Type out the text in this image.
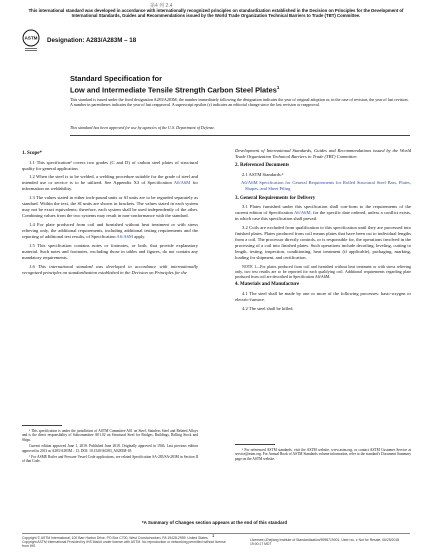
第4 列 2.4
This international standard was developed in accordance with internationally recognized principles on standardization established in the Decision on Principles for the Development of International Standards, Guides and Recommendations issued by the World Trade Organization Technical Barriers to Trade (TBT) Committee.
ASTM Designation: A283/A283M – 18
Standard Specification for
Low and Intermediate Tensile Strength Carbon Steel Plates$^1$
This standard is issued under the fixed designation A283/A283M; the number immediately following the designation indicates the year of original adoption or, in the case of revision, the year of last revision. A number in parentheses indicates the year of last reapproval. A superscript epsilon (ε) indicates an editorial change since the last revision or reapproval.
This standard has been approved for use by agencies of the U.S. Department of Defense.
1. Scope*

1.1 This specification² covers two grades (C and D) of carbon steel plates of structural quality for general application.

1.2 When the steel is to be welded, a welding procedure suitable for the grade of steel and intended use or service is to be utilized. See Appendix X3 of Specification A6/A6M for information on weldability.

1.3 The values stated in either inch-pound units or SI units are to be regarded separately as standard. Within the text, the SI units are shown in brackets. The values stated in each system may not be exact equivalents; therefore, each system shall be used independently of the other. Combining values from the two systems may result in non-conformance with the standard.

1.4 For plate produced from coil and furnished without heat treatment or with stress relieving only, the additional requirements, including additional testing requirements and the reporting of additional test results, of Specification A6/A6M apply.

1.5 This specification contains notes or footnotes, or both, that provide explanatory material. Such notes and footnotes, excluding those in tables and figures, do not contain any mandatory requirements.

1.6 This international standard was developed in accordance with internationally recognized principles on standardization established in the Decision on Principles for the

Development of International Standards, Guides and Recommendations issued by the World Trade Organization Technical Barriers to Trade (TBT) Committee.

2. Referenced Documents

2.1 ASTM Standards:³

A6/A6M Specification for General Requirements for Rolled Structural Steel Bars, Plates, Shapes, and Sheet Piling

3. General Requirements for Delivery

3.1 Plates furnished under this specification shall con-form to the requirements of the current edition of Specification A6/A6M, for the specific date ordered, unless a conflict exists, in which case this specification shall prevail.

3.2 Coils are excluded from qualification to this specification until they are processed into finished plates. Plates produced from coil means plates that have been cut to individual lengths from a coil. The processor directly controls, or is responsible for, the operations involved in the processing of a coil into finished plates. Such operations include decoiling, leveling, cutting to length, testing, inspection, conditioning, heat treatment (if applicable), packaging, marking, loading for shipment, and certification.

NOTE 1—For plates produced from coil and furnished without heat treatment or with stress relieving only, two test results are to be reported for each qualifying coil. Additional requirements regarding plate produced from coil are described in Specification A6/A6M.

4. Materials and Manufacture

4.1 The steel shall be made by one or more of the following processes: basic-oxygen or electric-furnace.

4.2 The steel shall be killed.

¹ This specification is under the jurisdiction of ASTM Committee A01 on Steel, Stainless Steel and Related Alloys and is the direct responsibility of Subcommittee A01.02 on Structural Steel for Bridges, Buildings, Rolling Stock and Ships.

Current edition approved June 1, 2018. Published June 2018. Originally approved in 1946. Last previous edition approved in 2013 as A283/A283M – 13. DOI: 10.1520/A0283_A0283M-18.

² For ASME Boiler and Pressure Vessel Code applications, see related Specification SA-283/SA-283M in Section II of that Code.

³ For referenced ASTM standards, visit the ASTM website, www.astm.org, or contact ASTM Customer Service at service@astm.org. For Annual Book of ASTM Standards volume information, refer to the standard's Document Summary page on the ASTM website.

*A Summary of Changes section appears at the end of this standard
Copyright © ASTM International, 100 Barr Harbor Drive, PO Box C700, West Conshohocken, PA 19428-2959. United States
Copyright ASTM International Provided by IHS Markit under license with ASTM. No reproduction or networking permitted without license from IHS
1
Licensee=Zhejiang Institute of Standardization/5998719001, User=xu, z Not for Resale, 06/29/2018 19:00:17 MDT
